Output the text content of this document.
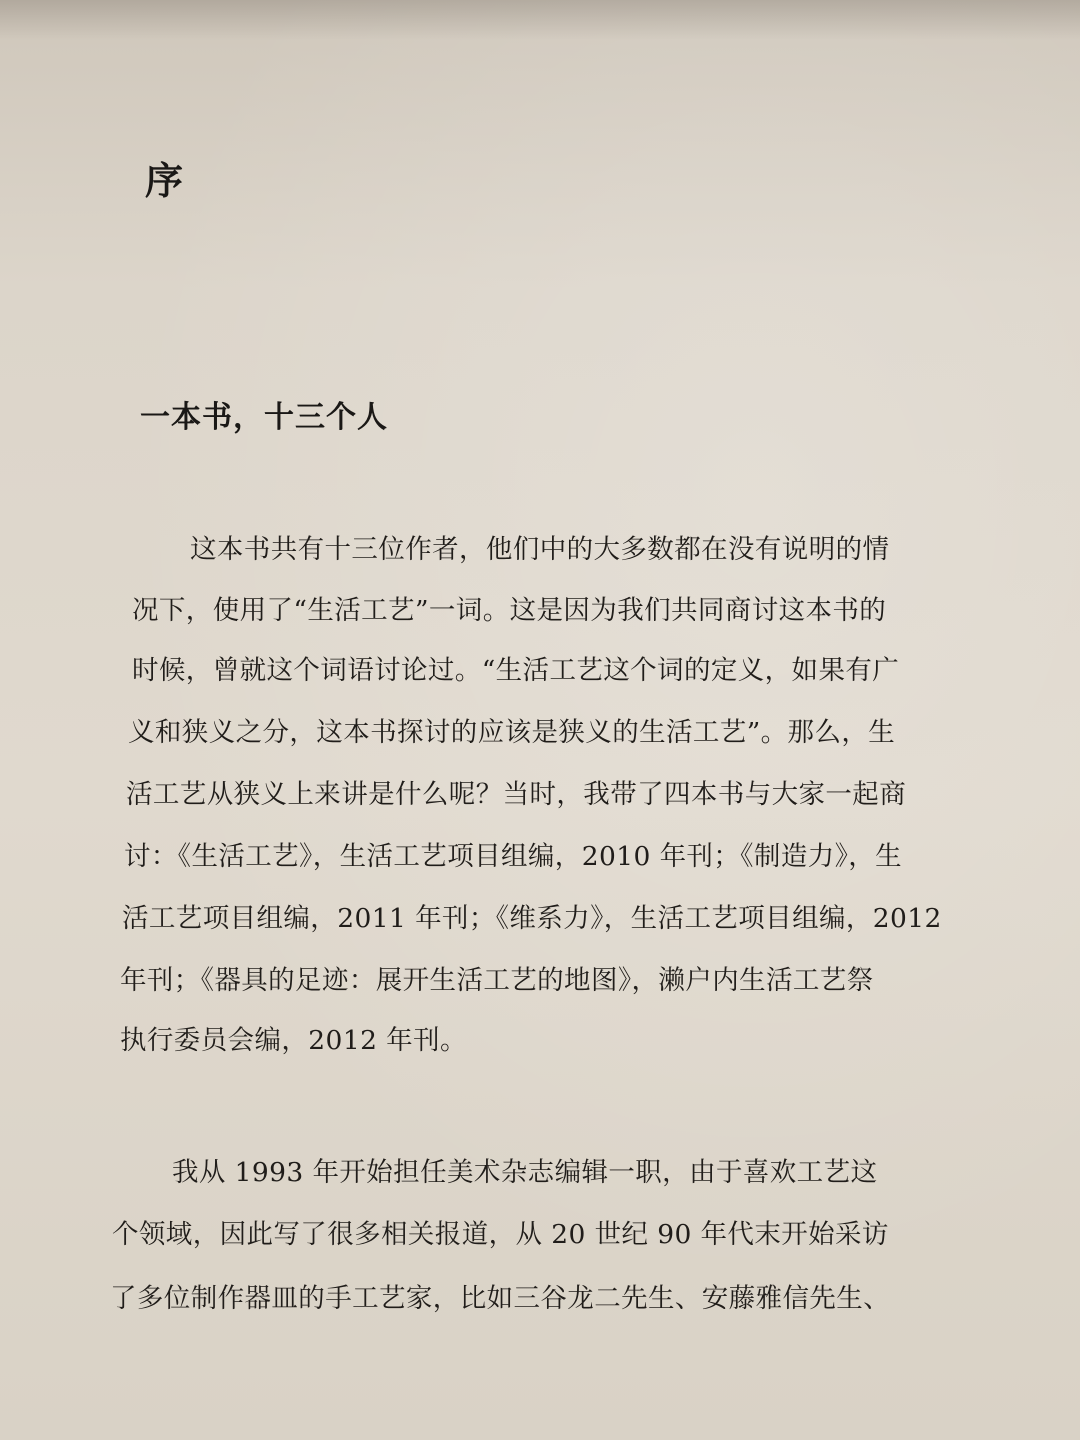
序
一本书，十三个人

这本书共有十三位作者，他们中的大多数都在没有说明的情

况下，使用了“生活工艺”一词。这是因为我们共同商讨这本书的

时候，曾就这个词语讨论过。“生活工艺这个词的定义，如果有广

义和狭义之分，这本书探讨的应该是狭义的生活工艺”。那么，生

活工艺从狭义上来讲是什么呢？当时，我带了四本书与大家一起商

讨：《生活工艺》，生活工艺项目组编，2010 年刊；《制造力》，生

活工艺项目组编，2011 年刊；《维系力》，生活工艺项目组编，2012

年刊；《器具的足迹：展开生活工艺的地图》，濑户内生活工艺祭

执行委员会编，2012 年刊。

我从 1993 年开始担任美术杂志编辑一职，由于喜欢工艺这

个领域，因此写了很多相关报道，从 20 世纪 90 年代末开始采访

了多位制作器皿的手工艺家，比如三谷龙二先生、安藤雅信先生、
